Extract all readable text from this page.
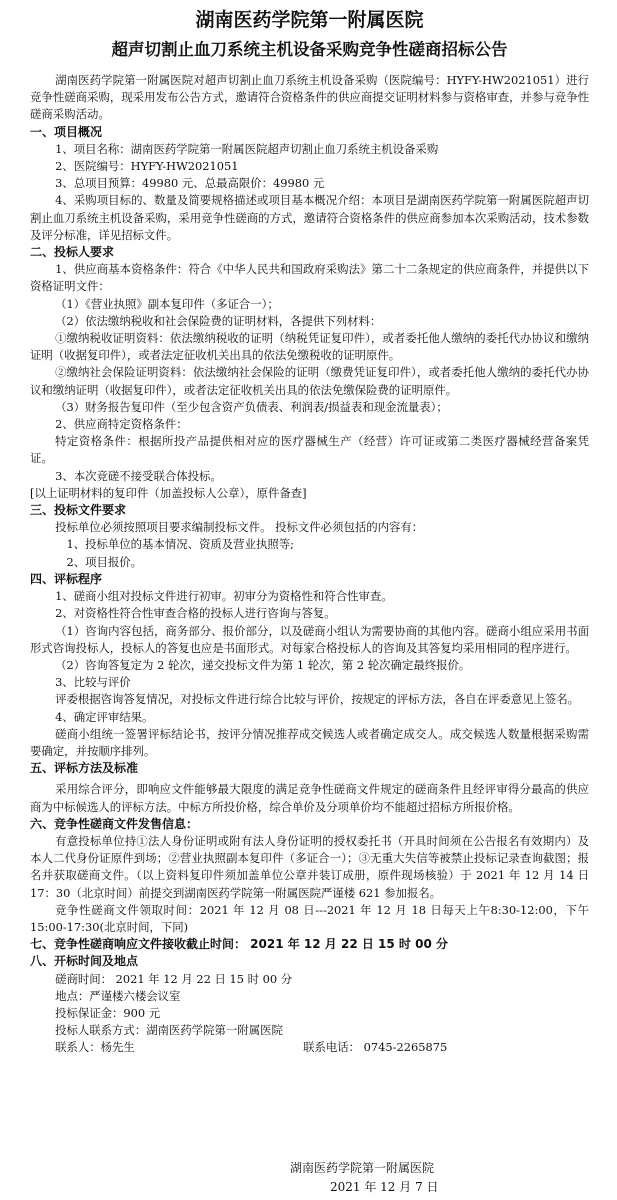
湖南医药学院第一附属医院
超声切割止血刀系统主机设备采购竞争性磋商招标公告

湖南医药学院第一附属医院对超声切割止血刀系统主机设备采购（医院编号：HYFY-HW2021051）进行竞争性磋商采购，现采用发布公告方式，邀请符合资格条件的供应商提交证明材料参与资格审查，并参与竞争性磋商采购活动。

一、项目概况

1、项目名称：湖南医药学院第一附属医院超声切割止血刀系统主机设备采购

2、医院编号：HYFY-HW2021051

3、总项目预算：49980 元、总最高限价：49980 元

4、采购项目标的、数量及简要规格描述或项目基本概况介绍：本项目是湖南医药学院第一附属医院超声切割止血刀系统主机设备采购，采用竞争性磋商的方式，邀请符合资格条件的供应商参加本次采购活动，技术参数及评分标准，详见招标文件。

二、投标人要求

1、供应商基本资格条件：符合《中华人民共和国政府采购法》第二十二条规定的供应商条件，并提供以下资格证明文件：

（1）《营业执照》副本复印件（多证合一）；

（2）依法缴纳税收和社会保险费的证明材料，各提供下列材料：

①缴纳税收证明资料：依法缴纳税收的证明（纳税凭证复印件），或者委托他人缴纳的委托代办协议和缴纳证明（收据复印件），或者法定征收机关出具的依法免缴税收的证明原件。

②缴纳社会保险证明资料：依法缴纳社会保险的证明（缴费凭证复印件），或者委托他人缴纳的委托代办协议和缴纳证明（收据复印件），或者法定征收机关出具的依法免缴保险费的证明原件。

（3）财务报告复印件（至少包含资产负债表、利润表/损益表和现金流量表）；

2、供应商特定资格条件：

特定资格条件：根据所投产品提供相对应的医疗器械生产（经营）许可证或第二类医疗器械经营备案凭证。

3、本次竞磋不接受联合体投标。

[以上证明材料的复印件（加盖投标人公章），原件备查]

三、投标文件要求

投标单位必须按照项目要求编制投标文件。 投标文件必须包括的内容有：

1、投标单位的基本情况、资质及营业执照等;

2、项目报价。

四、评标程序

1、磋商小组对投标文件进行初审。初审分为资格性和符合性审查。

2、对资格性符合性审查合格的投标人进行咨询与答复。

（1）咨询内容包括，商务部分、报价部分，以及磋商小组认为需要协商的其他内容。磋商小组应采用书面形式咨询投标人，投标人的答复也应是书面形式。对每家合格投标人的咨询及其答复均采用相同的程序进行。

（2）咨询答复定为 2 轮次，递交投标文件为第 1 轮次，第 2 轮次确定最终报价。

3、比较与评价

评委根据咨询答复情况，对投标文件进行综合比较与评价，按规定的评标方法，各自在评委意见上签名。

4、确定评审结果。

磋商小组统一签署评标结论书，按评分情况推荐成交候选人或者确定成交人。成交候选人数量根据采购需要确定，并按顺序排列。

五、评标方法及标准

采用综合评分，即响应文件能够最大限度的满足竞争性磋商文件规定的磋商条件且经评审得分最高的供应商为中标候选人的评标方法。中标方所投价格，综合单价及分项单价均不能超过招标方所报价格。

六、竞争性磋商文件发售信息：

有意投标单位持①法人身份证明或附有法人身份证明的授权委托书（开具时间须在公告报名有效期内）及本人二代身份证原件到场；②营业执照副本复印件（多证合一）；③无重大失信等被禁止投标记录查询截图；报名并获取磋商文件。（以上资料复印件须加盖单位公章并装订成册，原件现场核验）于 2021 年 12 月 14 日 17：30（北京时间）前提交到湖南医药学院第一附属医院严谨楼 621 参加报名。

竞争性磋商文件领取时间：2021 年 12 月 08 日---2021 年 12 月 18 日每天上午8:30-12:00，下午 15:00-17:30(北京时间，下同)

七、竞争性磋商响应文件接收截止时间： 2021 年 12 月 22 日 15 时 00 分

八、开标时间及地点

磋商时间： 2021 年 12 月 22 日 15 时 00 分

地点：严谨楼六楼会议室

投标保证金：900 元

投标人联系方式：湖南医药学院第一附属医院

联系人：杨先生	联系电话： 0745-2265875
湖南医药学院第一附属医院
2021 年 12 月 7 日
